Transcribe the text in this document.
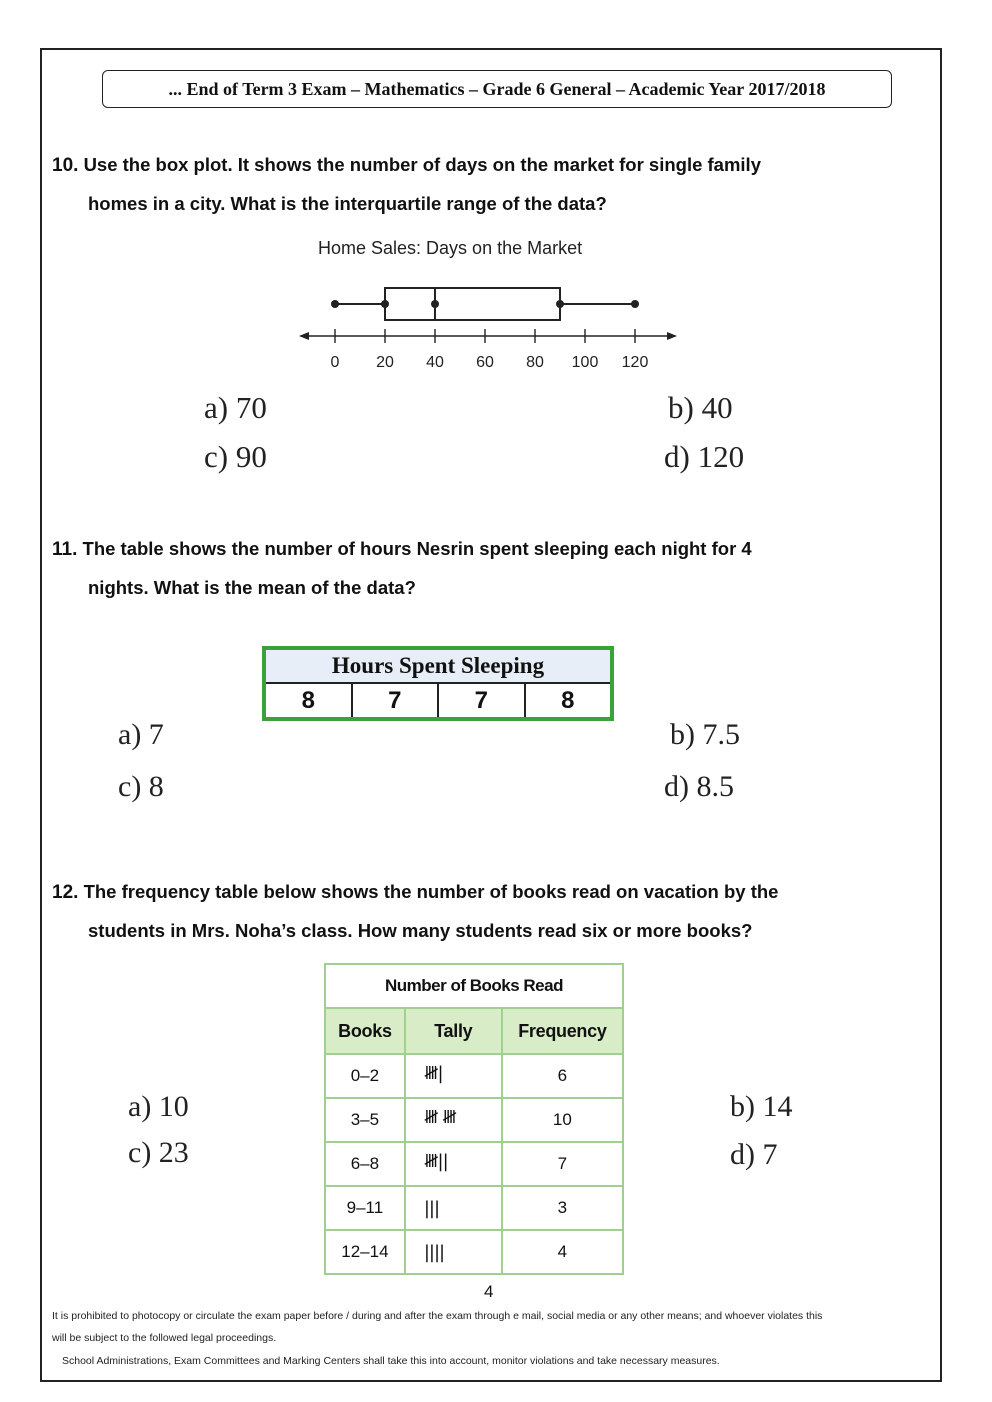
... End of Term 3 Exam – Mathematics – Grade 6 General – Academic Year 2017/2018
10. Use the box plot. It shows the number of days on the market for single family
homes in a city. What is the interquartile range of the data?
Home Sales: Days on the Market
0 20 40 60 80 100 120
a) 70	b) 40
c) 90	d) 120
11. The table shows the number of hours Nesrin spent sleeping each night for 4
nights. What is the mean of the data?
Hours Spent Sleeping
8	7	7	8
a) 7	b) 7.5
c) 8	d) 8.5
12. The frequency table below shows the number of books read on vacation by the
students in Mrs. Noha’s class. How many students read six or more books?
Number of Books Read		
Books	Tally	Frequency
0–2	𝍸|	6
3–5	𝍸 𝍸	10
6–8	𝍸||	7
9–11	|||	3
12–14	||||	4
a) 10	b) 14
c) 23	d) 7
4
It is prohibited to photocopy or circulate the exam paper before / during and after the exam through e mail, social media or any other means; and whoever violates this
will be subject to the followed legal proceedings.
School Administrations, Exam Committees and Marking Centers shall take this into account, monitor violations and take necessary measures.
